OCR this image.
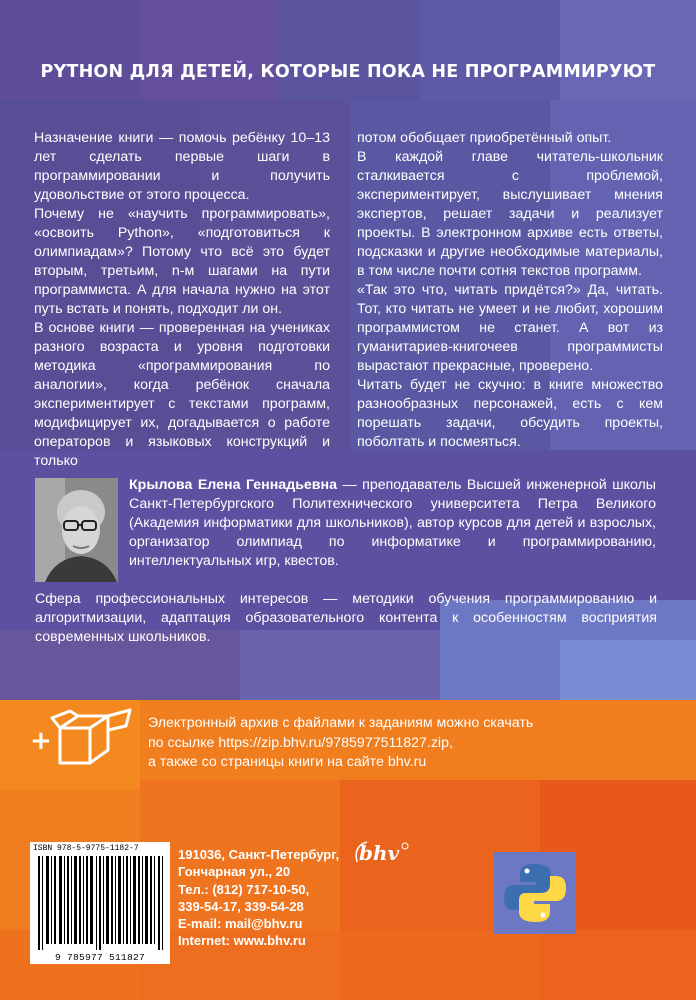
PYTHON ДЛЯ ДЕТЕЙ, КОТОРЫЕ ПОКА НЕ ПРОГРАММИРУЮТ

Назначение книги — помочь ребёнку 10–13 лет сделать первые шаги в программировании и получить удовольствие от этого процесса.

Почему не «научить программировать», «освоить Python», «подготовиться к олимпиадам»? Потому что всё это будет вторым, третьим, n-м шагами на пути программиста. А для начала нужно на этот путь встать и понять, подходит ли он.

В основе книги — проверенная на учениках разного возраста и уровня подготовки методика «программирования по аналогии», когда ребёнок сначала экспериментирует с текстами программ, модифицирует их, догадывается о работе операторов и языковых конструкций и только

потом обобщает приобретённый опыт.

В каждой главе читатель-школьник сталкивается с проблемой, экспериментирует, выслушивает мнения экспертов, решает задачи и реализует проекты. В электронном архиве есть ответы, подсказки и другие необходимые материалы, в том числе почти сотня текстов программ.

«Так это что, читать придётся?» Да, читать. Тот, кто читать не умеет и не любит, хорошим программистом не станет. А вот из гуманитариев-книгочеев программисты вырастают прекрасные, проверено.

Читать будет не скучно: в книге множество разнообразных персонажей, есть с кем порешать задачи, обсудить проекты, поболтать и посмеяться.

Крылова Елена Геннадьевна — преподаватель Высшей инженерной школы Санкт-Петербургского Политехнического университета Петра Великого (Академия информатики для школьников), автор курсов для детей и взрослых, организатор олимпиад по информатике и программированию, интеллектуальных игр, квестов.
Сфера профессиональных интересов — методики обучения программированию и алгоритмизации, адаптация образовательного контента к особенностям восприятия современных школьников.
+
Электронный архив с файлами к заданиям можно скачать
по ссылке https://zip.bhv.ru/9785977511827.zip,
а также со страницы книги на сайте bhv.ru
ISBN 978-5-9775-1182-7
9 785977 511827
bhv
191036, Санкт-Петербург,
Гончарная ул., 20
Тел.: (812) 717-10-50,
339-54-17, 339-54-28
E-mail: mail@bhv.ru
Internet: www.bhv.ru
